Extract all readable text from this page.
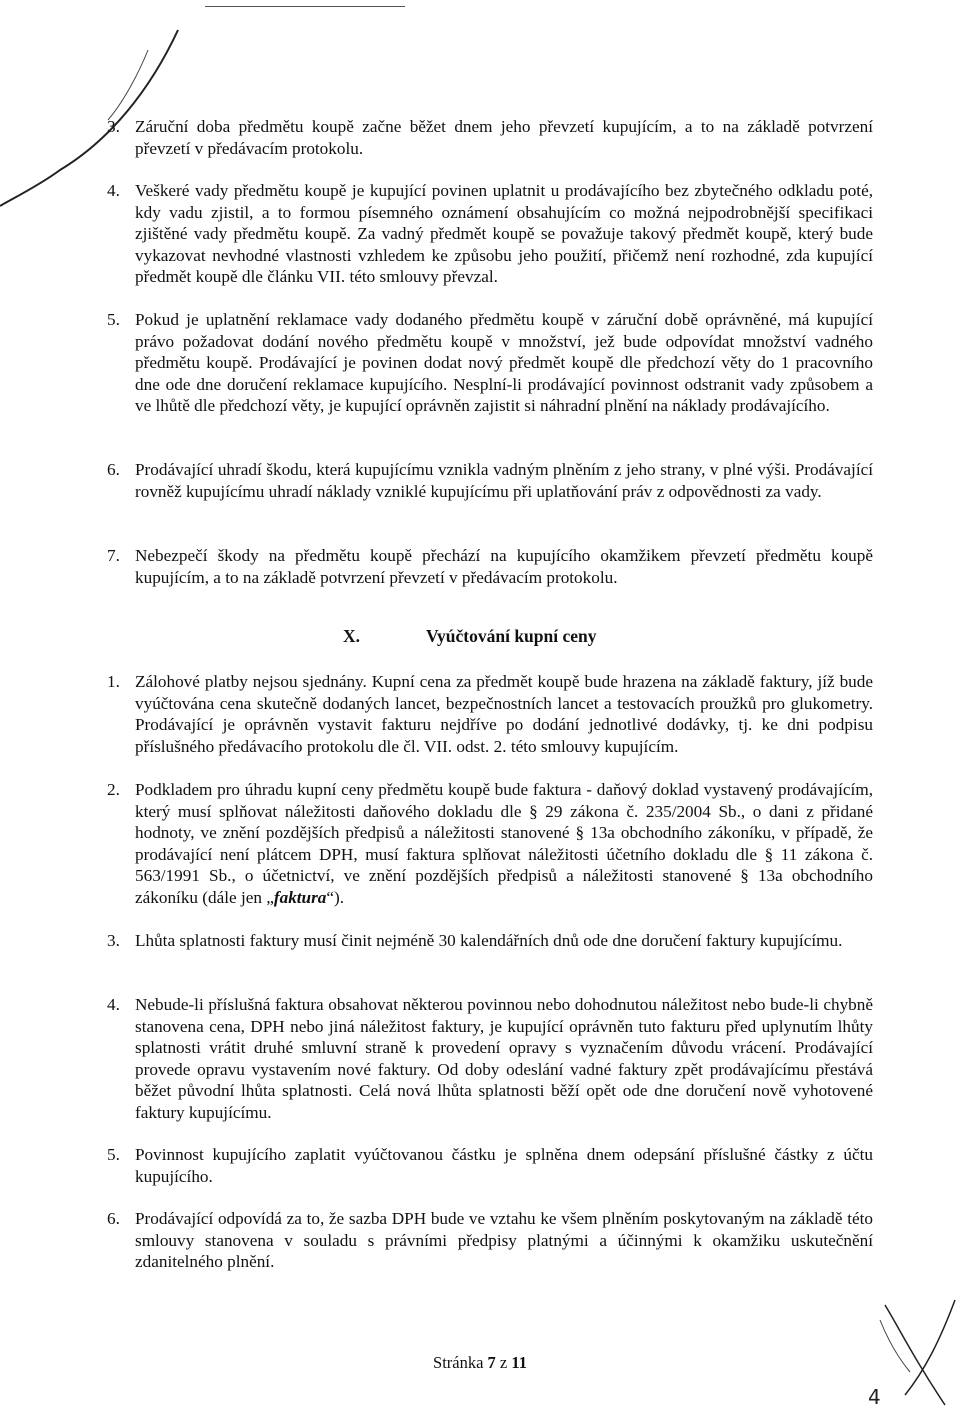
4
3. Záruční doba předmětu koupě začne běžet dnem jeho převzetí kupujícím, a to na základě potvrzení převzetí v předávacím protokolu.
4. Veškeré vady předmětu koupě je kupující povinen uplatnit u prodávajícího bez zbytečného odkladu poté, kdy vadu zjistil, a to formou písemného oznámení obsahujícím co možná nejpodrobnější specifikaci zjištěné vady předmětu koupě. Za vadný předmět koupě se považuje takový předmět koupě, který bude vykazovat nevhodné vlastnosti vzhledem ke způsobu jeho použití, přičemž není rozhodné, zda kupující předmět koupě dle článku VII. této smlouvy převzal.
5. Pokud je uplatnění reklamace vady dodaného předmětu koupě v záruční době oprávněné, má kupující právo požadovat dodání nového předmětu koupě v množství, jež bude odpovídat množství vadného předmětu koupě. Prodávající je povinen dodat nový předmět koupě dle předchozí věty do 1 pracovního dne ode dne doručení reklamace kupujícího. Nesplní-li prodávající povinnost odstranit vady způsobem a ve lhůtě dle předchozí věty, je kupující oprávněn zajistit si náhradní plnění na náklady prodávajícího.
6. Prodávající uhradí škodu, která kupujícímu vznikla vadným plněním z jeho strany, v plné výši. Prodávající rovněž kupujícímu uhradí náklady vzniklé kupujícímu při uplatňování práv z odpovědnosti za vady.
7. Nebezpečí škody na předmětu koupě přechází na kupujícího okamžikem převzetí předmětu koupě kupujícím, a to na základě potvrzení převzetí v předávacím protokolu.
X.	Vyúčtování kupní ceny
1. Zálohové platby nejsou sjednány. Kupní cena za předmět koupě bude hrazena na základě faktury, jíž bude vyúčtována cena skutečně dodaných lancet, bezpečnostních lancet a testovacích proužků pro glukometry. Prodávající je oprávněn vystavit fakturu nejdříve po dodání jednotlivé dodávky, tj. ke dni podpisu příslušného předávacího protokolu dle čl. VII. odst. 2. této smlouvy kupujícím.
2. Podkladem pro úhradu kupní ceny předmětu koupě bude faktura - daňový doklad vystavený prodávajícím, který musí splňovat náležitosti daňového dokladu dle § 29 zákona č. 235/2004 Sb., o dani z přidané hodnoty, ve znění pozdějších předpisů a náležitosti stanovené § 13a obchodního zákoníku, v případě, že prodávající není plátcem DPH, musí faktura splňovat náležitosti účetního dokladu dle § 11 zákona č. 563/1991 Sb., o účetnictví, ve znění pozdějších předpisů a náležitosti stanovené § 13a obchodního zákoníku (dále jen „faktura“).
3. Lhůta splatnosti faktury musí činit nejméně 30 kalendářních dnů ode dne doručení faktury kupujícímu.
4. Nebude-li příslušná faktura obsahovat některou povinnou nebo dohodnutou náležitost nebo bude-li chybně stanovena cena, DPH nebo jiná náležitost faktury, je kupující oprávněn tuto fakturu před uplynutím lhůty splatnosti vrátit druhé smluvní straně k provedení opravy s vyznačením důvodu vrácení. Prodávající provede opravu vystavením nové faktury. Od doby odeslání vadné faktury zpět prodávajícímu přestává běžet původní lhůta splatnosti. Celá nová lhůta splatnosti běží opět ode dne doručení nově vyhotovené faktury kupujícímu.
5. Povinnost kupujícího zaplatit vyúčtovanou částku je splněna dnem odepsání příslušné částky z účtu kupujícího.
6. Prodávající odpovídá za to, že sazba DPH bude ve vztahu ke všem plněním poskytovaným na základě této smlouvy stanovena v souladu s právními předpisy platnými a účinnými k okamžiku uskutečnění zdanitelného plnění.
Stránka 7 z 11
